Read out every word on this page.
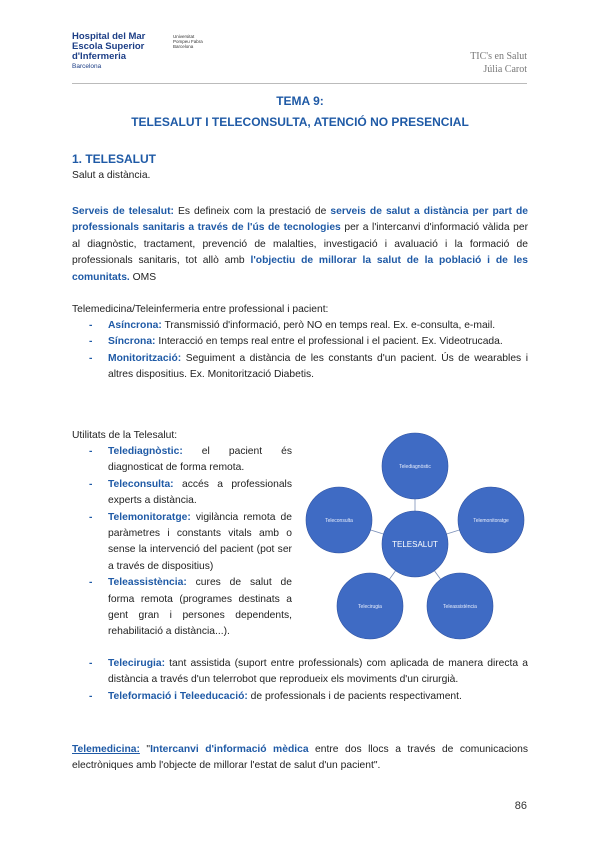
Hospital del Mar
Escola Superior
d'Infermeria
Barcelona
Universitat
Pompeu Fabra
Barcelona
TIC's en Salut
Júlia Carot
TEMA 9:
TELESALUT I TELECONSULTA, ATENCIÓ NO PRESENCIAL
1. TELESALUT
Salut a distància.
Serveis de telesalut: Es defineix com la prestació de serveis de salut a distància per part de professionals sanitaris a través de l'ús de tecnologies per a l'intercanvi d'informació vàlida per al diagnòstic, tractament, prevenció de malalties, investigació i avaluació i la formació de professionals sanitaris, tot allò amb l'objectiu de millorar la salut de la població i de les comunitats. OMS
Telemedicina/Teleinfermeria entre professional i pacient:
- Asíncrona: Transmissió d'informació, però NO en temps real. Ex. e-consulta, e-mail.
- Síncrona: Interacció en temps real entre el professional i el pacient. Ex. Videotrucada.
- Monitorització: Seguiment a distància de les constants d'un pacient. Ús de wearables i altres dispositius. Ex. Monitorització Diabetis.
Utilitats de la Telesalut:
- Telediagnòstic: el pacient és diagnosticat de forma remota.
- Teleconsulta: accés a professionals experts a distància.
- Telemonitoratge: vigilància remota de paràmetres i constants vitals amb o sense la intervenció del pacient (pot ser a través de dispositius)
- Teleassistència: cures de salut de forma remota (programes destinats a gent gran i persones dependents, rehabilitació a distància...).
- Telecirugia: tant assistida (suport entre professionals) com aplicada de manera directa a distància a través d'un telerrobot que reprodueix els moviments d'un cirurgià.
- Teleformació i Teleeducació: de professionals i de pacients respectivament.
Telediagnòstic
Telemonitoratge
Teleassistència
Telecirugia
Teleconsulta
TELESALUT
Telemedicina: "Intercanvi d'informació mèdica entre dos llocs a través de comunicacions electròniques amb l'objecte de millorar l'estat de salut d'un pacient".
86
